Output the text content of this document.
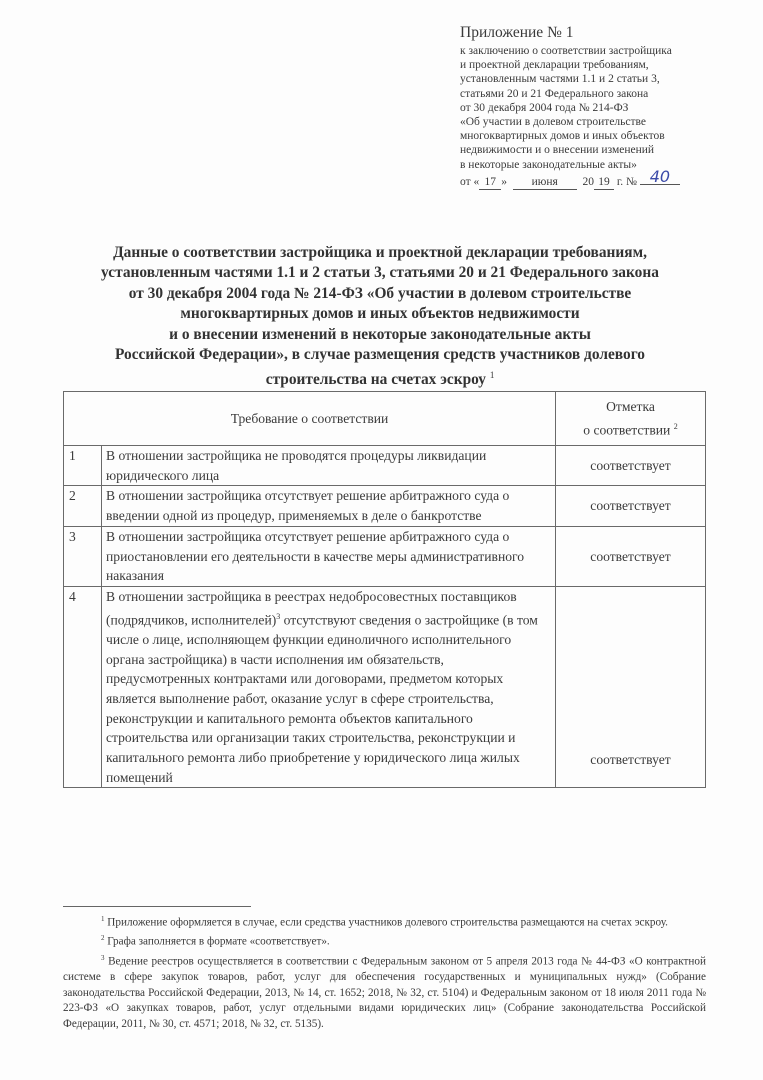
Приложение № 1
к заключению о соответствии застройщика
и проектной декларации требованиям,
установленным частями 1.1 и 2 статьи 3,
статьями 20 и 21 Федерального закона
от 30 декабря 2004 года № 214-ФЗ
«Об участии в долевом строительстве
многоквартирных домов и иных объектов
недвижимости и о внесении изменений
в некоторые законодательные акты»
от « 17 » июня 20 19 г. № 40
Данные о соответствии застройщика и проектной декларации требованиям,
установленным частями 1.1 и 2 статьи 3, статьями 20 и 21 Федерального закона
от 30 декабря 2004 года № 214-ФЗ «Об участии в долевом строительстве
многоквартирных домов и иных объектов недвижимости
и о внесении изменений в некоторые законодательные акты
Российской Федерации», в случае размещения средств участников долевого
строительства на счетах эскроу $^1$
Требование о соответствии		Отметка
о соответствии $^2$

1	В отношении застройщика не проводятся процедуры ликвидации юридического лица	соответствует
2	В отношении застройщика отсутствует решение арбитражного суда о введении одной из процедур, применяемых в деле о банкротстве	соответствует
3	В отношении застройщика отсутствует решение арбитражного суда о приостановлении его деятельности в качестве меры административного наказания	соответствует
4	В отношении застройщика в реестрах недобросовестных поставщиков (подрядчиков, исполнителей)$^3$ отсутствуют сведения о застройщике (в том числе о лице, исполняющем функции единоличного исполнительного органа застройщика) в части исполнения им обязательств, предусмотренных контрактами или договорами, предметом которых является выполнение работ, оказание услуг в сфере строительства, реконструкции и капитального ремонта объектов капитального строительства или организации таких строительства, реконструкции и капитального ремонта либо приобретение у юридического лица жилых помещений	соответствует

$^1$ Приложение оформляется в случае, если средства участников долевого строительства размещаются на счетах эскроу.

$^2$ Графа заполняется в формате «соответствует».

$^3$ Ведение реестров осуществляется в соответствии с Федеральным законом от 5 апреля 2013 года № 44-ФЗ «О контрактной системе в сфере закупок товаров, работ, услуг для обеспечения государственных и муниципальных нужд» (Собрание законодательства Российской Федерации, 2013, № 14, ст. 1652; 2018, № 32, ст. 5104) и Федеральным законом от 18 июля 2011 года № 223-ФЗ «О закупках товаров, работ, услуг отдельными видами юридических лиц» (Собрание законодательства Российской Федерации, 2011, № 30, ст. 4571; 2018, № 32, ст. 5135).
